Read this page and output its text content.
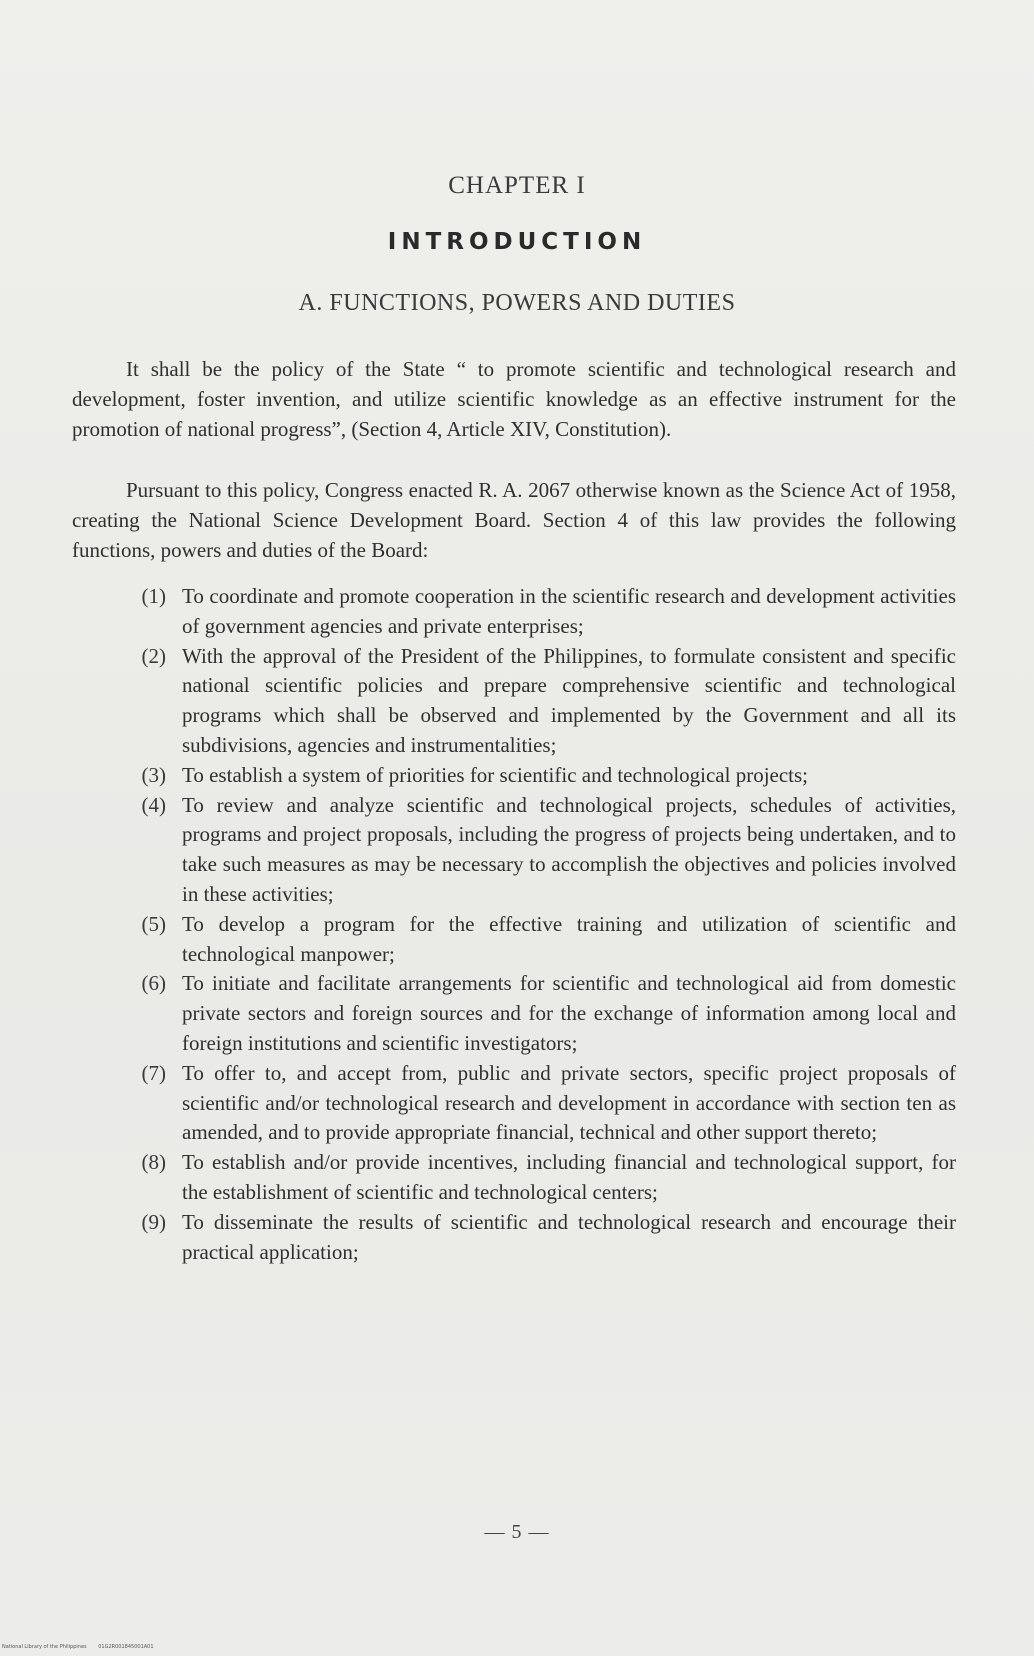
CHAPTER I
INTRODUCTION
A. FUNCTIONS, POWERS AND DUTIES

It shall be the policy of the State “ to promote scientific and technological research and development, foster invention, and utilize scientific knowledge as an effective instrument for the promotion of national progress”, (Section 4, Article XIV, Constitution).

Pursuant to this policy, Congress enacted R. A. 2067 otherwise known as the Science Act of 1958, creating the National Science Development Board. Section 4 of this law provides the following functions, powers and duties of the Board:

(1) To coordinate and promote cooperation in the scientific research and development activities of government agencies and private enterprises;
(2) With the approval of the President of the Philippines, to formulate consistent and specific national scientific policies and prepare comprehensive scientific and technological programs which shall be observed and implemented by the Government and all its subdivisions, agencies and instrumentalities;
(3) To establish a system of priorities for scientific and technological projects;
(4) To review and analyze scientific and technological projects, schedules of activities, programs and project proposals, including the progress of projects being undertaken, and to take such measures as may be necessary to accomplish the objectives and policies involved in these activities;
(5) To develop a program for the effective training and utilization of scientific and technological manpower;
(6) To initiate and facilitate arrangements for scientific and technological aid from domestic private sectors and foreign sources and for the exchange of information among local and foreign institutions and scientific investigators;
(7) To offer to, and accept from, public and private sectors, specific project proposals of scientific and/or technological research and development in accordance with section ten as amended, and to provide appropriate financial, technical and other support thereto;
(8) To establish and/or provide incentives, including financial and technological support, for the establishment of scientific and technological centers;
(9) To disseminate the results of scientific and technological research and encourage their practical application;
— 5 —
National Library of the Philippines 01G2R001845001A01
